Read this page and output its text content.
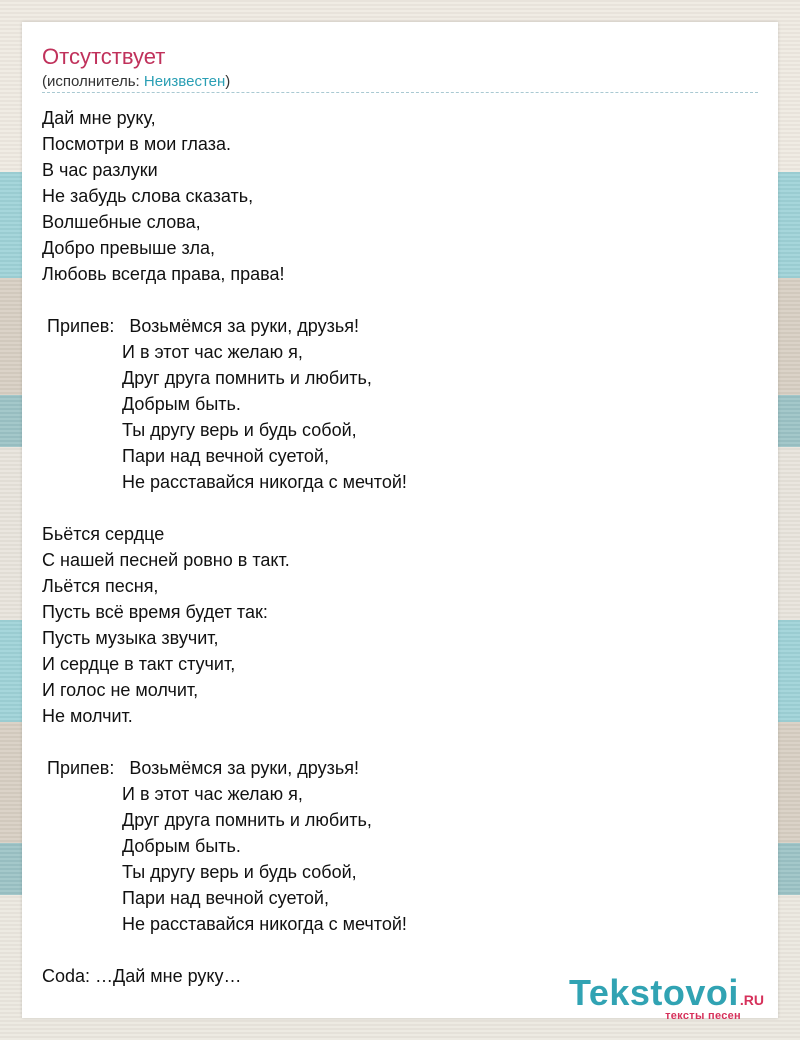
Отсутствует
(исполнитель: Неизвестен)
Дай мне руку,
Посмотри в мои глаза.
В час разлуки
Не забудь слова сказать,
Волшебные слова,
Добро превыше зла,
Любовь всегда права, права!

Припев:   Возьмёмся за руки, друзья!
И в этот час желаю я,
Друг друга помнить и любить,
Добрым быть.
Ты другу верь и будь собой,
Пари над вечной суетой,
Не расставайся никогда с мечтой!

Бьётся сердце
С нашей песней ровно в такт.
Льётся песня,
Пусть всё время будет так:
Пусть музыка звучит,
И сердце в такт стучит,
И голос не молчит,
Не молчит.

Припев:   Возьмёмся за руки, друзья!
И в этот час желаю я,
Друг друга помнить и любить,
Добрым быть.
Ты другу верь и будь собой,
Пари над вечной суетой,
Не расставайся никогда с мечтой!

Coda: …Дай мне руку…	Tekstovoi.RU
тексты песен
